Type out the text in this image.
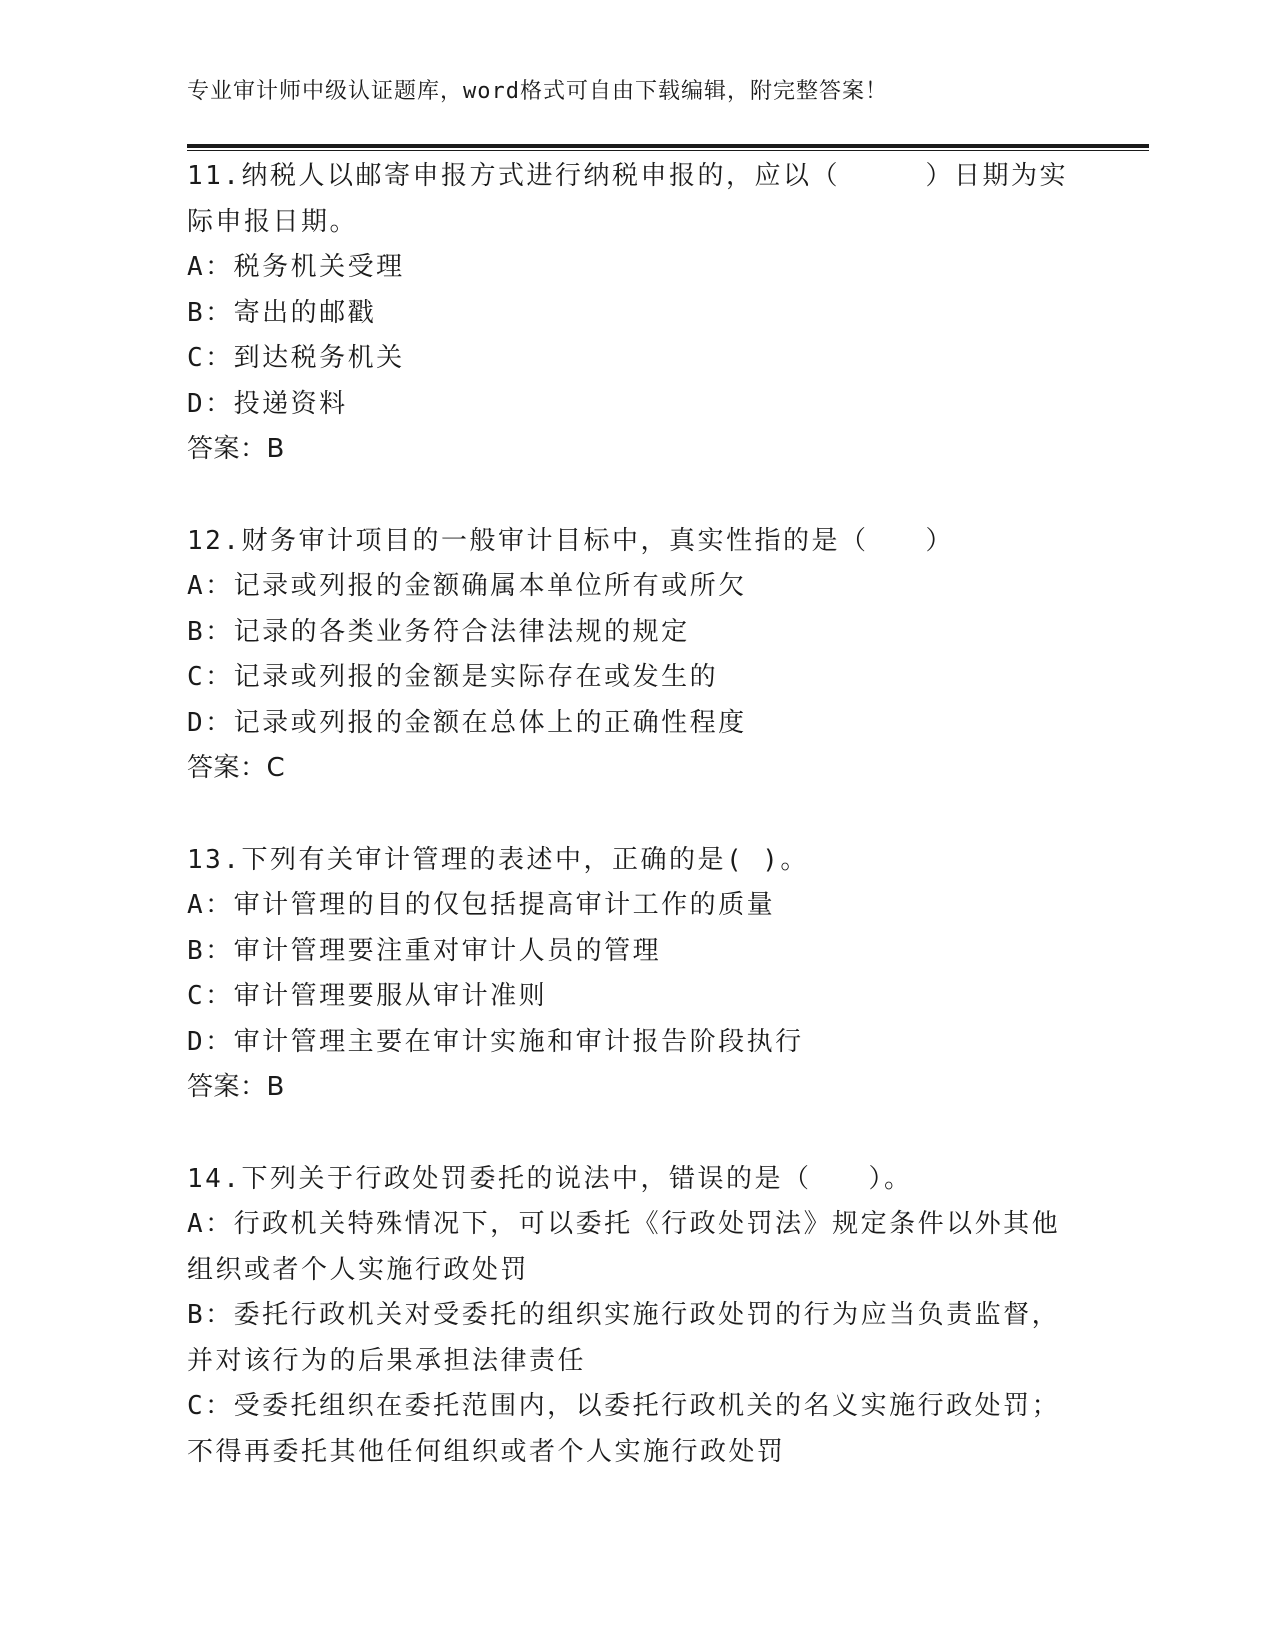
专业审计师中级认证题库，word格式可自由下载编辑，附完整答案！
11.纳税人以邮寄申报方式进行纳税申报的，应以（　　　）日期为实
际申报日期。
A：税务机关受理
B：寄出的邮戳
C：到达税务机关
D：投递资料
答案：B
12.财务审计项目的一般审计目标中，真实性指的是（　　）
A：记录或列报的金额确属本单位所有或所欠
B：记录的各类业务符合法律法规的规定
C：记录或列报的金额是实际存在或发生的
D：记录或列报的金额在总体上的正确性程度
答案：C
13.下列有关审计管理的表述中，正确的是( )。
A：审计管理的目的仅包括提高审计工作的质量
B：审计管理要注重对审计人员的管理
C：审计管理要服从审计准则
D：审计管理主要在审计实施和审计报告阶段执行
答案：B
14.下列关于行政处罚委托的说法中，错误的是（　　）。
A：行政机关特殊情况下，可以委托《行政处罚法》规定条件以外其他
组织或者个人实施行政处罚
B：委托行政机关对受委托的组织实施行政处罚的行为应当负责监督，
并对该行为的后果承担法律责任
C：受委托组织在委托范围内，以委托行政机关的名义实施行政处罚；
不得再委托其他任何组织或者个人实施行政处罚
